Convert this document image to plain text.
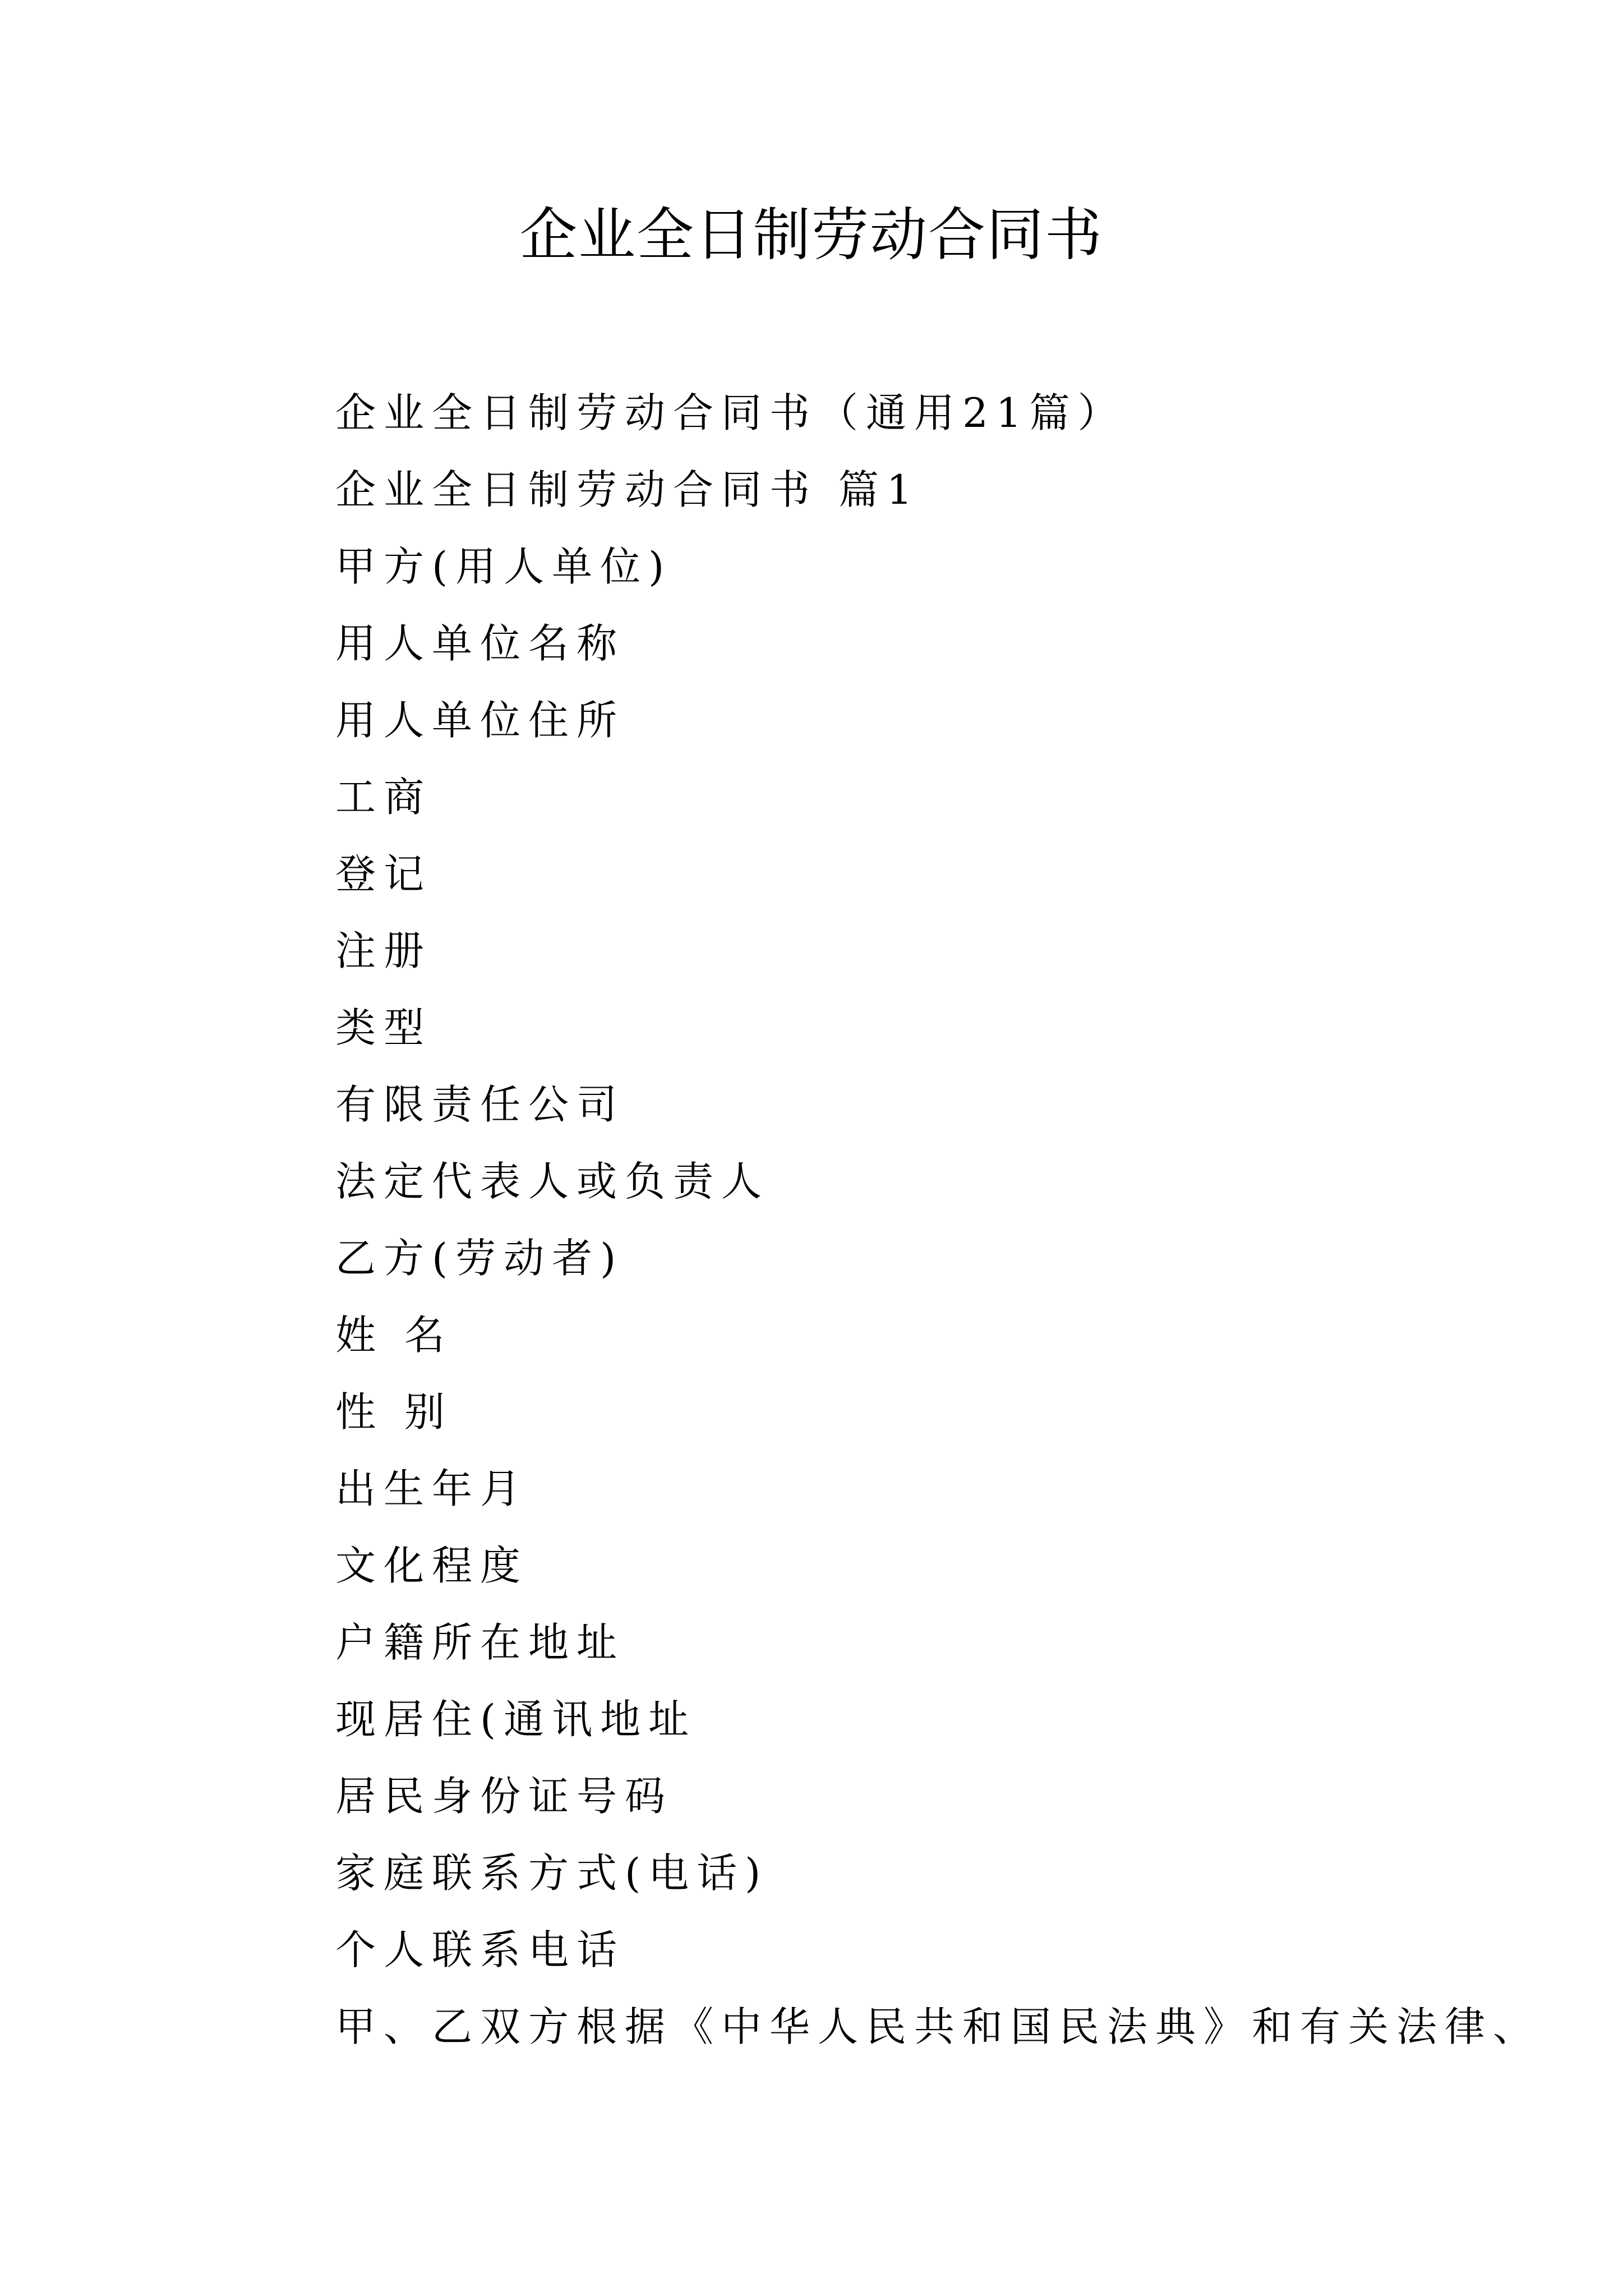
企业全日制劳动合同书
企业全日制劳动合同书（通用21篇）
企业全日制劳动合同书 篇1
甲方(用人单位)
用人单位名称
用人单位住所
工商
登记
注册
类型
有限责任公司
法定代表人或负责人
乙方(劳动者)
姓 名
性 别
出生年月
文化程度
户籍所在地址
现居住(通讯地址
居民身份证号码
家庭联系方式(电话)
个人联系电话
甲、乙双方根据《中华人民共和国民法典》和有关法律、
